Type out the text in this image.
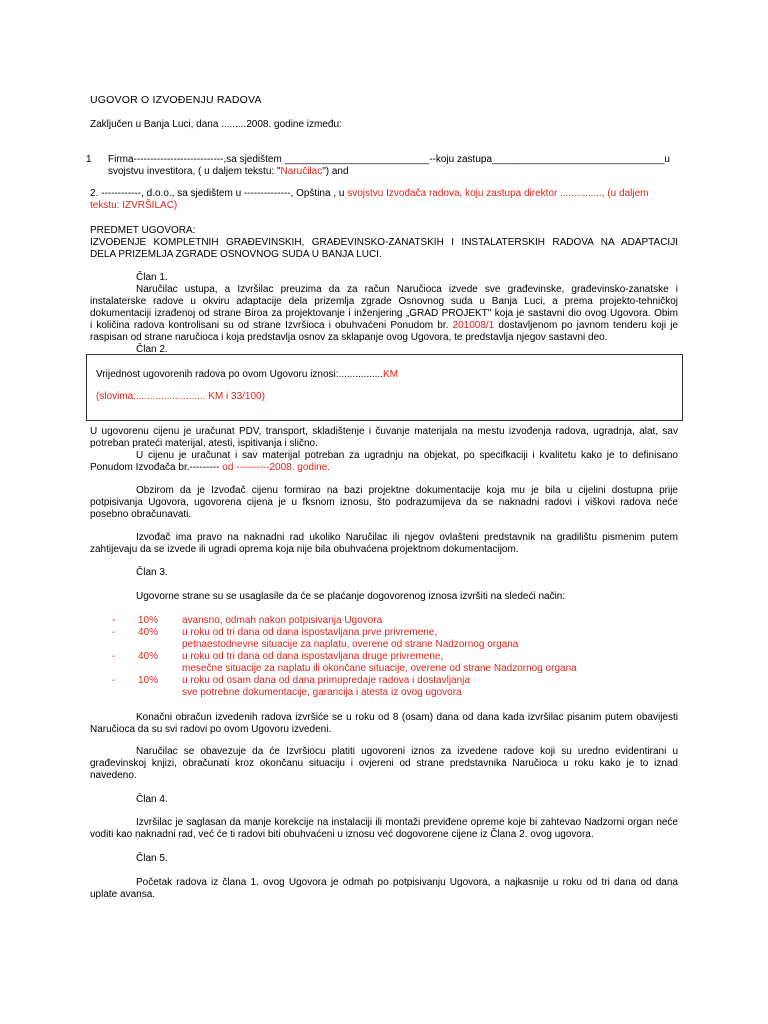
UGOVOR O IZVOĐENJU RADOVA
Zaključen u Banja Luci, dana .........2008. godine između:
1 Firma---------------------------,sa sjedištem __________________________--koju zastupa_______________________________u
svojstvu investitora, ( u daljem tekstu: "Naručilac") and
2. ------------, d.o.o., sa sjedištem u --------------, Opština , u svojstvu Izvođača radova, koju zastupa direktor ..............., (u daljem
tekstu: IZVRŠILAC)
PREDMET UGOVORA:
IZVOĐENJE KOMPLETNIH GRAĐEVINSKIH, GRAĐEVINSKO-ZANATSKIH I INSTALATERSKIH RADOVA NA ADAPTACIJI
DELA PRIZEMLJA ZGRADE OSNOVNOG SUDA U BANJA LUCI.
Član 1.
Naručilac ustupa, a Izvršilac preuzima da za račun Naručioca izvede sve građevinske, građevinsko-zanatske i
instalaterske radove u okviru adaptacije dela prizemlja zgrade Osnovnog suda u Banja Luci, a prema projekto-tehničkoj
dokumentaciji izrađenoj od strane Biroa za projektovanje i inženjering „GRAD PROJEKT" koja je sastavni dio ovog Ugovora. Obim
i količina radova kontrolisani su od strane Izvršioca i obuhvaćeni Ponudom br. 201008/1 dostavljenom po javnom tenderu koji je
raspisan od strane naručioca i koja predstavlja osnov za sklapanje ovog Ugovora, te predstavlja njegov sastavni deo.
Član 2.
Vrijednost ugovorenih radova po ovom Ugovoru iznosi:................KM
(slovima:......................... KM i 33/100)
U ugovorenu cijenu je uračunat PDV, transport, skladištenje i čuvanje materijala na mestu izvođenja radova, ugradnja, alat, sav
potreban prateći materijal, atesti, ispitivanja i slično.
U cijenu je uračunat i sav materijal potreban za ugradnju na objekat, po specifkaciji i kvalitetu kako je to definisano
Ponudom Izvođača br.--------- od ----------2008. godine.
Obzirom da je Izvođač cijenu formirao na bazi projektne dokumentacije koja mu je bila u cijelini dostupna prije
potpisivanja Ugovora, ugovorena cijena je u fksnom iznosu, što podrazumijeva da se naknadni radovi i viškovi radova neće
posebno obračunavati.
Izvođač ima pravo na naknadni rad ukoliko Naručilac ili njegov ovlašteni predstavnik na gradilištu pismenim putem
zahtijevaju da se izvede ili ugradi oprema koja nije bila obuhvaćena projektnom dokumentacijom.
Član 3.
Ugovorne strane su se usaglasile da će se plaćanje dogovorenog iznosa izvršiti na sledeći način:
- 10% avansno, odmah nakon potpisivanja Ugovora
- 40% u roku od tri dana od dana ispostavljana prve privremene,
petnaestodnevne situacije za naplatu, overene od strane Nadzornog organa
- 40% u roku od tri dana od dana ispostavljana druge privremene,
mesečne situacije za naplatu ili okončane situacije, overene od strane Nadzornog organa
- 10% u roku od osam dana od dana primopredaje radova i dostavljanja
sve potrebne dokumentacije, garancija i atesta iz ovog ugovora
Konačni obračun izvedenih radova izvršiće se u roku od 8 (osam) dana od dana kada izvršilac pisanim putem obavijesti
Naručioca da su svi radovi po ovom Ugovoru izvedeni.
Naručilac se obavezuje da će Izvršiocu platiti ugovoreni iznos za izvedene radove koji su uredno evidentirani u
građevinskoj knjizi, obračunati kroz okončanu situaciju i ovjereni od strane predstavnika Naručioca u roku kako je to iznad
navedeno.
Član 4.
Izvršilac je saglasan da manje korekcije na instalaciji ili montaži previđene opreme koje bi zahtevao Nadzorni organ neće
voditi kao naknadni rad, već će ti radovi biti obuhvaćeni u iznosu već dogovorene cijene iz Člana 2. ovog ugovora.
Član 5.
Početak radova iz člana 1. ovog Ugovora je odmah po potpisivanju Ugovora, a najkasnije u roku od tri dana od dana
uplate avansa.
